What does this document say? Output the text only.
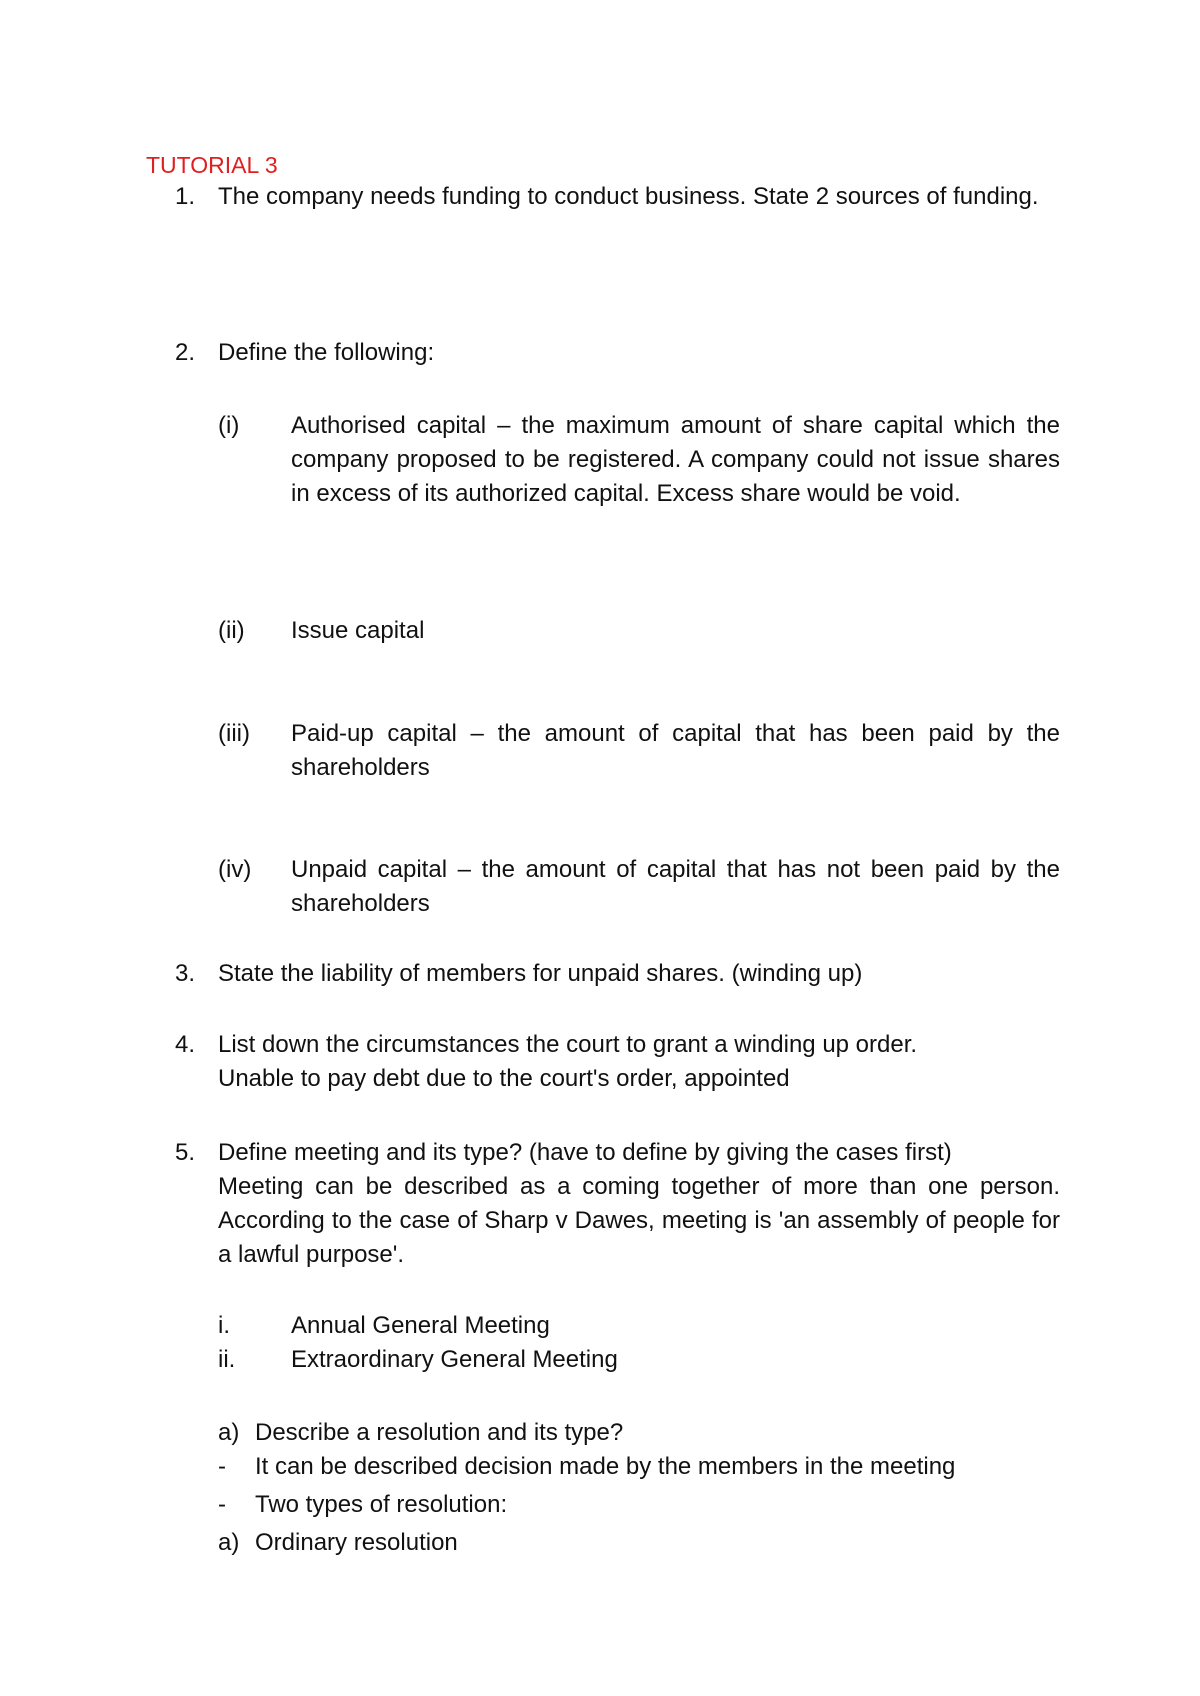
TUTORIAL 3
1. The company needs funding to conduct business. State 2 sources of funding.
2. Define the following:
(i)	Authorised capital – the maximum amount of share capital which the company proposed to be registered. A company could not issue shares in excess of its authorized capital. Excess share would be void.
(ii)	Issue capital
(iii)	Paid-up capital – the amount of capital that has been paid by the shareholders
(iv)	Unpaid capital – the amount of capital that has not been paid by the shareholders
3. State the liability of members for unpaid shares. (winding up)
4. List down the circumstances the court to grant a winding up order.
Unable to pay debt due to the court's order, appointed
5. Define meeting and its type? (have to define by giving the cases first)
Meeting can be described as a coming together of more than one person. According to the case of Sharp v Dawes, meeting is 'an assembly of people for a lawful purpose'.
i.	Annual General Meeting
ii.	Extraordinary General Meeting
a) Describe a resolution and its type?
-	It can be described decision made by the members in the meeting
-	Two types of resolution:
a) Ordinary resolution
